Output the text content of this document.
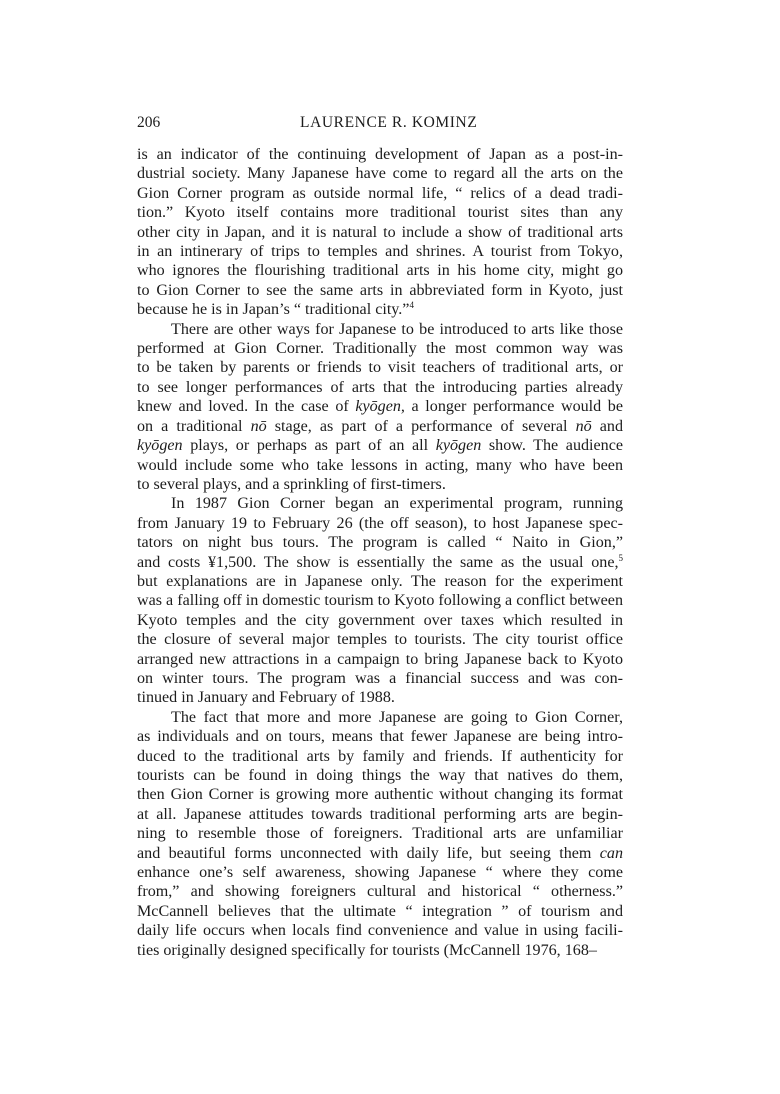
206	LAURENCE R. KOMINZ
is an indicator of the continuing development of Japan as a post-in-
dustrial society. Many Japanese have come to regard all the arts on the
Gion Corner program as outside normal life, “ relics of a dead tradi-
tion.” Kyoto itself contains more traditional tourist sites than any
other city in Japan, and it is natural to include a show of traditional arts
in an intinerary of trips to temples and shrines. A tourist from Tokyo,
who ignores the flourishing traditional arts in his home city, might go
to Gion Corner to see the same arts in abbreviated form in Kyoto, just
because he is in Japan’s “ traditional city.”$^4$
There are other ways for Japanese to be introduced to arts like those
performed at Gion Corner. Traditionally the most common way was
to be taken by parents or friends to visit teachers of traditional arts, or
to see longer performances of arts that the introducing parties already
knew and loved. In the case of kyōgen, a longer performance would be
on a traditional nō stage, as part of a performance of several nō and
kyōgen plays, or perhaps as part of an all kyōgen show. The audience
would include some who take lessons in acting, many who have been
to several plays, and a sprinkling of first-timers.
In 1987 Gion Corner began an experimental program, running
from January 19 to February 26 (the off season), to host Japanese spec-
tators on night bus tours. The program is called “ Naito in Gion,”
and costs ¥1,500. The show is essentially the same as the usual one,$^5$
but explanations are in Japanese only. The reason for the experiment
was a falling off in domestic tourism to Kyoto following a conflict between
Kyoto temples and the city government over taxes which resulted in
the closure of several major temples to tourists. The city tourist office
arranged new attractions in a campaign to bring Japanese back to Kyoto
on winter tours. The program was a financial success and was con-
tinued in January and February of 1988.
The fact that more and more Japanese are going to Gion Corner,
as individuals and on tours, means that fewer Japanese are being intro-
duced to the traditional arts by family and friends. If authenticity for
tourists can be found in doing things the way that natives do them,
then Gion Corner is growing more authentic without changing its format
at all. Japanese attitudes towards traditional performing arts are begin-
ning to resemble those of foreigners. Traditional arts are unfamiliar
and beautiful forms unconnected with daily life, but seeing them can
enhance one’s self awareness, showing Japanese “ where they come
from,” and showing foreigners cultural and historical “ otherness.”
McCannell believes that the ultimate “ integration ” of tourism and
daily life occurs when locals find convenience and value in using facili-
ties originally designed specifically for tourists (McCannell 1976, 168–
